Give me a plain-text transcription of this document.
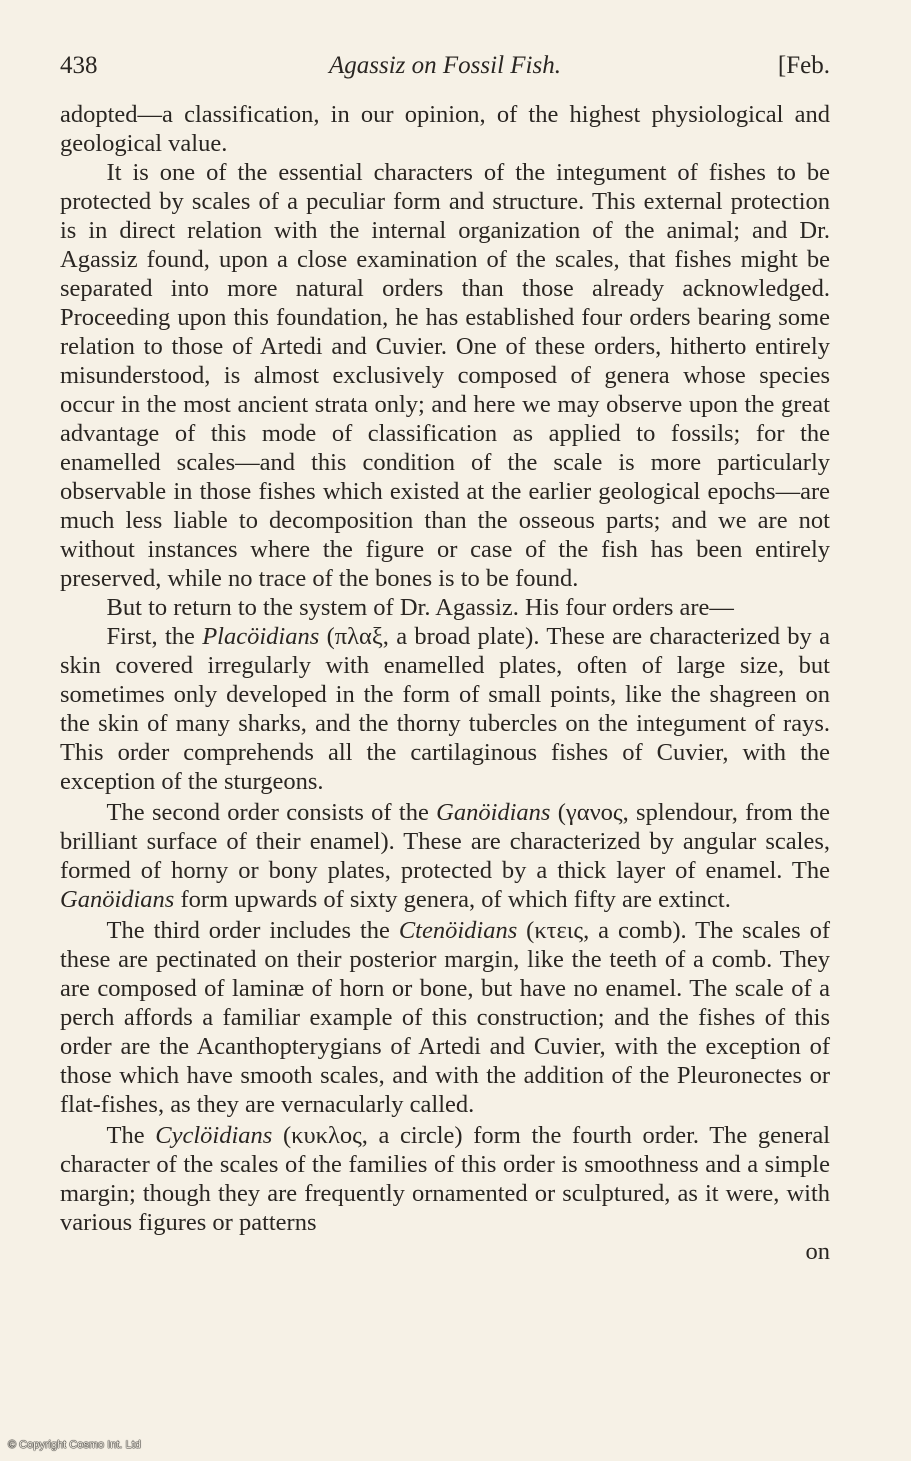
438	Agassiz on Fossil Fish.	[Feb.

adopted—a classification, in our opinion, of the highest physiological and geological value.

It is one of the essential characters of the integument of fishes to be protected by scales of a peculiar form and structure. This external protection is in direct relation with the internal organization of the animal; and Dr. Agassiz found, upon a close examination of the scales, that fishes might be separated into more natural orders than those already acknowledged. Proceeding upon this foundation, he has established four orders bearing some relation to those of Artedi and Cuvier. One of these orders, hitherto entirely misunderstood, is almost exclusively composed of genera whose species occur in the most ancient strata only; and here we may observe upon the great advantage of this mode of classification as applied to fossils; for the enamelled scales—and this condition of the scale is more particularly observable in those fishes which existed at the earlier geological epochs—are much less liable to decomposition than the osseous parts; and we are not without instances where the figure or case of the fish has been entirely preserved, while no trace of the bones is to be found.

But to return to the system of Dr. Agassiz. His four orders are—

First, the Placöidians (πλαξ, a broad plate). These are characterized by a skin covered irregularly with enamelled plates, often of large size, but sometimes only developed in the form of small points, like the shagreen on the skin of many sharks, and the thorny tubercles on the integument of rays. This order comprehends all the cartilaginous fishes of Cuvier, with the exception of the sturgeons.

The second order consists of the Ganöidians (γανος, splendour, from the brilliant surface of their enamel). These are characterized by angular scales, formed of horny or bony plates, protected by a thick layer of enamel. The Ganöidians form upwards of sixty genera, of which fifty are extinct.

The third order includes the Ctenöidians (κτεις, a comb). The scales of these are pectinated on their posterior margin, like the teeth of a comb. They are composed of laminæ of horn or bone, but have no enamel. The scale of a perch affords a familiar example of this construction; and the fishes of this order are the Acanthopterygians of Artedi and Cuvier, with the exception of those which have smooth scales, and with the addition of the Pleuronectes or flat-fishes, as they are vernacularly called.

The Cyclöidians (κυκλος, a circle) form the fourth order. The general character of the scales of the families of this order is smoothness and a simple margin; though they are frequently ornamented or sculptured, as it were, with various figures or patterns

on
© Copyright Cosmo Int. Ltd
